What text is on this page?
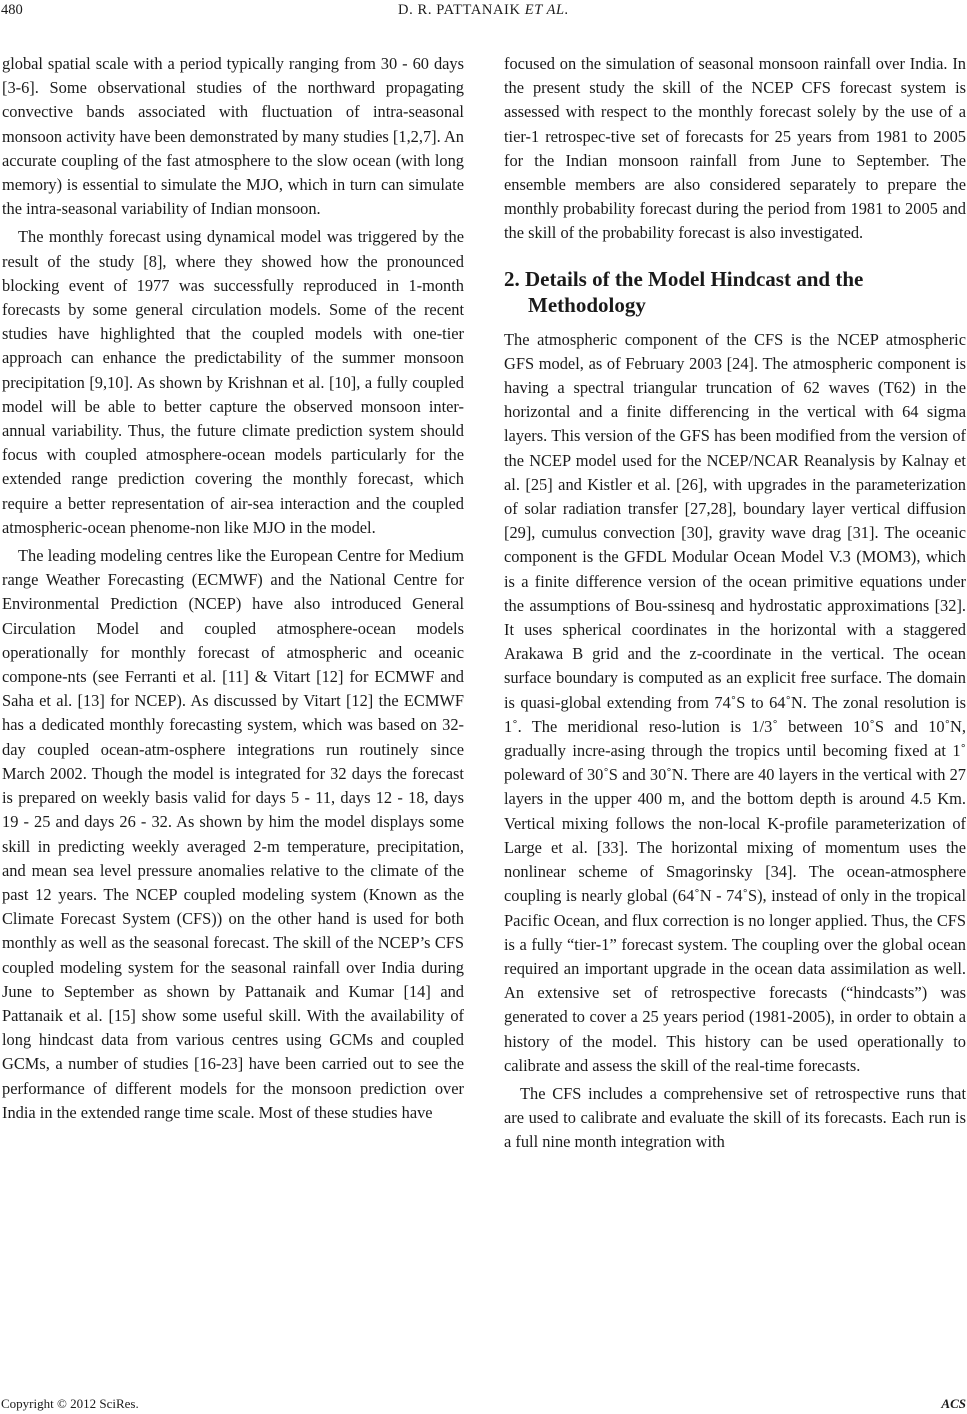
480	D. R. PATTANAIK ET AL.

global spatial scale with a period typically ranging from 30 - 60 days [3-6]. Some observational studies of the northward propagating convective bands associated with fluctuation of intra-seasonal monsoon activity have been demonstrated by many studies [1,2,7]. An accurate coupling of the fast atmosphere to the slow ocean (with long memory) is essential to simulate the MJO, which in turn can simulate the intra-seasonal variability of Indian monsoon.

The monthly forecast using dynamical model was triggered by the result of the study [8], where they showed how the pronounced blocking event of 1977 was successfully reproduced in 1-month forecasts by some general circulation models. Some of the recent studies have highlighted that the coupled models with one-tier approach can enhance the predictability of the summer monsoon precipitation [9,10]. As shown by Krishnan et al. [10], a fully coupled model will be able to better capture the observed monsoon inter-annual variability. Thus, the future climate prediction system should focus with coupled atmosphere-ocean models particularly for the extended range prediction covering the monthly forecast, which require a better representation of air-sea interaction and the coupled atmospheric-ocean phenome-non like MJO in the model.

The leading modeling centres like the European Centre for Medium range Weather Forecasting (ECMWF) and the National Centre for Environmental Prediction (NCEP) have also introduced General Circulation Model and coupled atmosphere-ocean models operationally for monthly forecast of atmospheric and oceanic compone-nts (see Ferranti et al. [11] & Vitart [12] for ECMWF and Saha et al. [13] for NCEP). As discussed by Vitart [12] the ECMWF has a dedicated monthly forecasting system, which was based on 32-day coupled ocean-atm-osphere integrations run routinely since March 2002. Though the model is integrated for 32 days the forecast is prepared on weekly basis valid for days 5 - 11, days 12 - 18, days 19 - 25 and days 26 - 32. As shown by him the model displays some skill in predicting weekly averaged 2-m temperature, precipitation, and mean sea level pressure anomalies relative to the climate of the past 12 years. The NCEP coupled modeling system (Known as the Climate Forecast System (CFS)) on the other hand is used for both monthly as well as the seasonal forecast. The skill of the NCEP’s CFS coupled modeling system for the seasonal rainfall over India during June to September as shown by Pattanaik and Kumar [14] and Pattanaik et al. [15] show some useful skill. With the availability of long hindcast data from various centres using GCMs and coupled GCMs, a number of studies [16-23] have been carried out to see the performance of different models for the monsoon prediction over India in the extended range time scale. Most of these studies have

focused on the simulation of seasonal monsoon rainfall over India. In the present study the skill of the NCEP CFS forecast system is assessed with respect to the monthly forecast solely by the use of a tier-1 retrospec-tive set of forecasts for 25 years from 1981 to 2005 for the Indian monsoon rainfall from June to September. The ensemble members are also considered separately to prepare the monthly probability forecast during the period from 1981 to 2005 and the skill of the probability forecast is also investigated.

2. Details of the Model Hindcast and the Methodology

The atmospheric component of the CFS is the NCEP atmospheric GFS model, as of February 2003 [24]. The atmospheric component is having a spectral triangular truncation of 62 waves (T62) in the horizontal and a finite differencing in the vertical with 64 sigma layers. This version of the GFS has been modified from the version of the NCEP model used for the NCEP/NCAR Reanalysis by Kalnay et al. [25] and Kistler et al. [26], with upgrades in the parameterization of solar radiation transfer [27,28], boundary layer vertical diffusion [29], cumulus convection [30], gravity wave drag [31]. The oceanic component is the GFDL Modular Ocean Model V.3 (MOM3), which is a finite difference version of the ocean primitive equations under the assumptions of Bou-ssinesq and hydrostatic approximations [32]. It uses spherical coordinates in the horizontal with a staggered Arakawa B grid and the z-coordinate in the vertical. The ocean surface boundary is computed as an explicit free surface. The domain is quasi-global extending from 74˚S to 64˚N. The zonal resolution is 1˚. The meridional reso-lution is 1/3˚ between 10˚S and 10˚N, gradually incre-asing through the tropics until becoming fixed at 1˚ poleward of 30˚S and 30˚N. There are 40 layers in the vertical with 27 layers in the upper 400 m, and the bottom depth is around 4.5 Km. Vertical mixing follows the non-local K-profile parameterization of Large et al. [33]. The horizontal mixing of momentum uses the nonlinear scheme of Smagorinsky [34]. The ocean-atmosphere coupling is nearly global (64˚N - 74˚S), instead of only in the tropical Pacific Ocean, and flux correction is no longer applied. Thus, the CFS is a fully “tier-1” forecast system. The coupling over the global ocean required an important upgrade in the ocean data assimilation as well. An extensive set of retrospective forecasts (“hindcasts”) was generated to cover a 25 years period (1981-2005), in order to obtain a history of the model. This history can be used operationally to calibrate and assess the skill of the real-time forecasts.

The CFS includes a comprehensive set of retrospective runs that are used to calibrate and evaluate the skill of its forecasts. Each run is a full nine month integration with

Copyright © 2012 SciRes.	ACS
